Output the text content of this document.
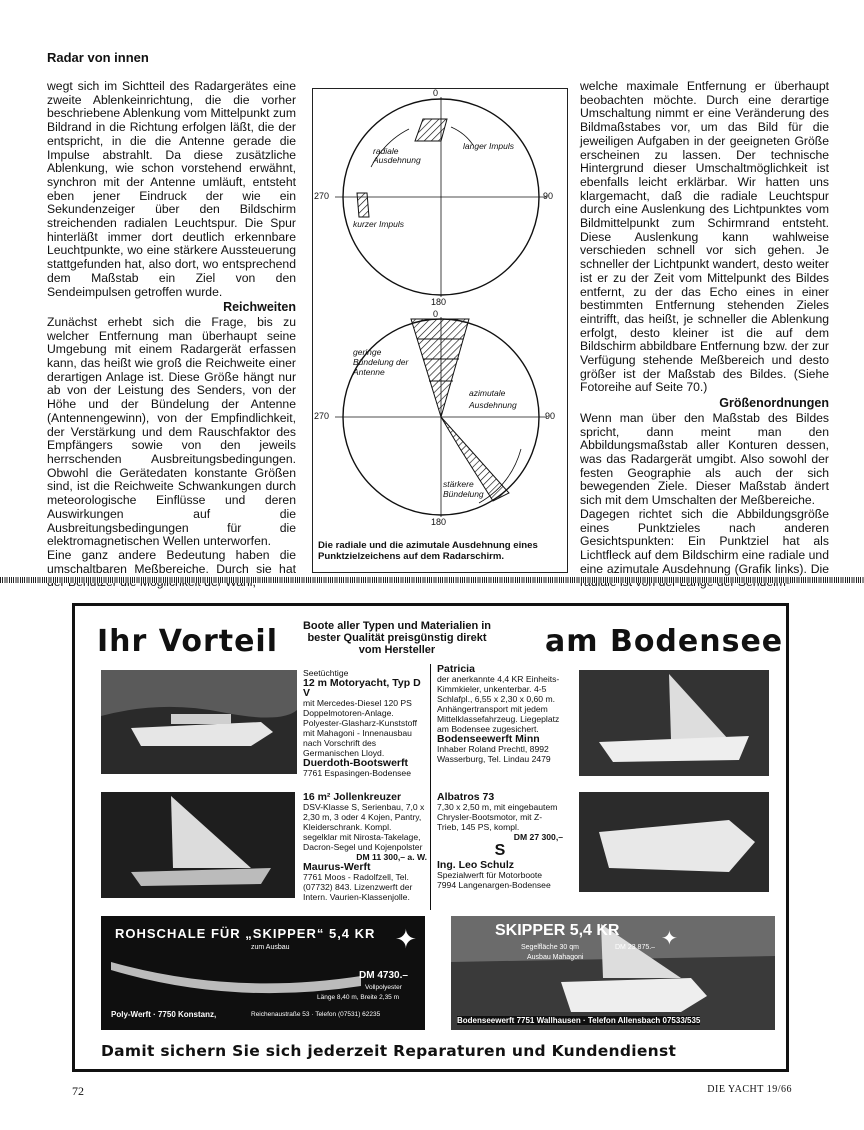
Radar von innen

wegt sich im Sichtteil des Radargerätes eine zweite Ablenkeinrichtung, die die vorher beschriebene Ablenkung vom Mittelpunkt zum Bildrand in die Richtung erfolgen läßt, die der entspricht, in die die Antenne gerade die Impulse abstrahlt. Da diese zusätzliche Ablenkung, wie schon vorstehend erwähnt, synchron mit der Antenne umläuft, entsteht eben jener Eindruck der wie ein Sekundenzeiger über den Bildschirm streichenden radialen Leuchtspur. Die Spur hinterläßt immer dort deutlich erkennbare Leuchtpunkte, wo eine stärkere Aussteuerung stattgefunden hat, also dort, wo entsprechend dem Maßstab ein Ziel von den Sendeimpulsen getroffen wurde.

Reichweiten

Zunächst erhebt sich die Frage, bis zu welcher Entfernung man überhaupt seine Umgebung mit einem Radargerät erfassen kann, das heißt wie groß die Reichweite einer derartigen Anlage ist. Diese Größe hängt nur ab von der Leistung des Senders, von der Höhe und der Bündelung der Antenne (Antennengewinn), von der Empfindlichkeit, der Verstärkung und dem Rauschfaktor des Empfängers sowie von den jeweils herrschenden Ausbreitungsbedingungen. Obwohl die Gerätedaten konstante Größen sind, ist die Reichweite Schwankungen durch meteorologische Einflüsse und deren Auswirkungen auf die Ausbreitungsbedingungen für die elektromagnetischen Wellen unterworfen.

Eine ganz andere Bedeutung haben die umschaltbaren Meßbereiche. Durch sie hat

0
90
180
270
radiale Ausdehnung
langer Impuls
kurzer Impuls
0
90
180
270
geringe Bündelung der Antenne
azimutale Ausdehnung
stärkere Bündelung
Die radiale und die azimutale Ausdehnung eines Punktzielzeichens auf dem Radarschirm.

welche maximale Entfernung er überhaupt beobachten möchte. Durch eine derartige Umschaltung nimmt er eine Veränderung des Bildmaßstabes vor, um das Bild für die jeweiligen Aufgaben in der geeigneten Größe erscheinen zu lassen. Der technische Hintergrund dieser Umschaltmöglichkeit ist ebenfalls leicht erklärbar. Wir hatten uns klargemacht, daß die radiale Leuchtspur durch eine Auslenkung des Lichtpunktes vom Bildmittelpunkt zum Schirmrand entsteht. Diese Auslenkung kann wahlweise verschieden schnell vor sich gehen. Je schneller der Lichtpunkt wandert, desto weiter ist er zu der Zeit vom Mittelpunkt des Bildes entfernt, zu der das Echo eines in einer bestimmten Entfernung stehenden Zieles eintrifft, das heißt, je schneller die Ablenkung erfolgt, desto kleiner ist die auf dem Bildschirm abbildbare Entfernung bzw. der zur Verfügung stehende Meßbereich und desto größer ist der Maßstab des Bildes. (Siehe Fotoreihe auf Seite 70.)

Größenordnungen

Wenn man über den Maßstab des Bildes spricht, dann meint man den Abbildungsmaßstab aller Konturen dessen, was das Radargerät umgibt. Also sowohl der festen Geographie als auch der sich bewegenden Ziele. Dieser Maßstab ändert sich mit dem Umschalten der Meßbereiche.

Dagegen richtet sich die Abbildungsgröße eines Punktzieles nach anderen Gesichtspunkten: Ein Punktziel hat als Lichtfleck auf dem Bildschirm eine radiale und eine azimutale Ausdehnung (Grafik links). Die

Ihr Vorteil	Boote aller Typen und Materialien in bester Qualität preisgünstig direkt vom Hersteller	am Bodensee
Seetüchtige
12 m Motoryacht, Typ D V
mit Mercedes-Diesel 120 PS Doppelmotoren-Anlage. Polyester-Glasharz-Kunststoff mit Mahagoni - Innenausbau nach Vorschrift des Germanischen Lloyd.
Duerdoth-Bootswerft
7761 Espasingen-Bodensee
Patricia
der anerkannte 4,4 KR Einheits-Kimmkieler, unkenterbar. 4-5 Schlafpl., 6,55 x 2,30 x 0,60 m. Anhängertransport mit jedem Mittelklassefahrzeug. Liegeplatz am Bodensee zugesichert.
Bodenseewerft Minn
Inhaber Roland Prechtl, 8992 Wasserburg, Tel. Lindau 2479
16 m² Jollenkreuzer
DSV-Klasse S, Serienbau, 7,0 x 2,30 m, 3 oder 4 Kojen, Pantry, Kleiderschrank. Kompl. segelklar mit Nirosta-Takelage, Dacron-Segel und Kojenpolster
DM 11 300,– a. W.
Maurus-Werft
7761 Moos - Radolfzell, Tel. (07732) 843. Lizenzwerft der Intern. Vaurien-Klassenjolle.
Albatros 73
7,30 x 2,50 m, mit eingebautem Chrysler-Bootsmotor, mit Z-Trieb, 145 PS, kompl.
DM 27 300,–
S
Ing. Leo Schulz
Spezialwerft für Motorboote 7994 Langenargen-Bodensee
ROHSCHALE FÜR „SKIPPER“ 5,4 KR
zum Ausbau	✦
DM 4730.–
Vollpolyester
Länge 8,40 m, Breite 2,35 m
Poly-Werft · 7750 Konstanz,	Reichenaustraße 53 · Telefon (07531) 62235
SKIPPER 5,4 KR
Segelfläche 30 qm	DM 23 875.–
Ausbau Mahagoni
✦
Bodenseewerft 7751 Wallhausen · Telefon Allensbach 07533/535
Damit sichern Sie sich jederzeit Reparaturen und Kundendienst
72	DIE YACHT 19/66
